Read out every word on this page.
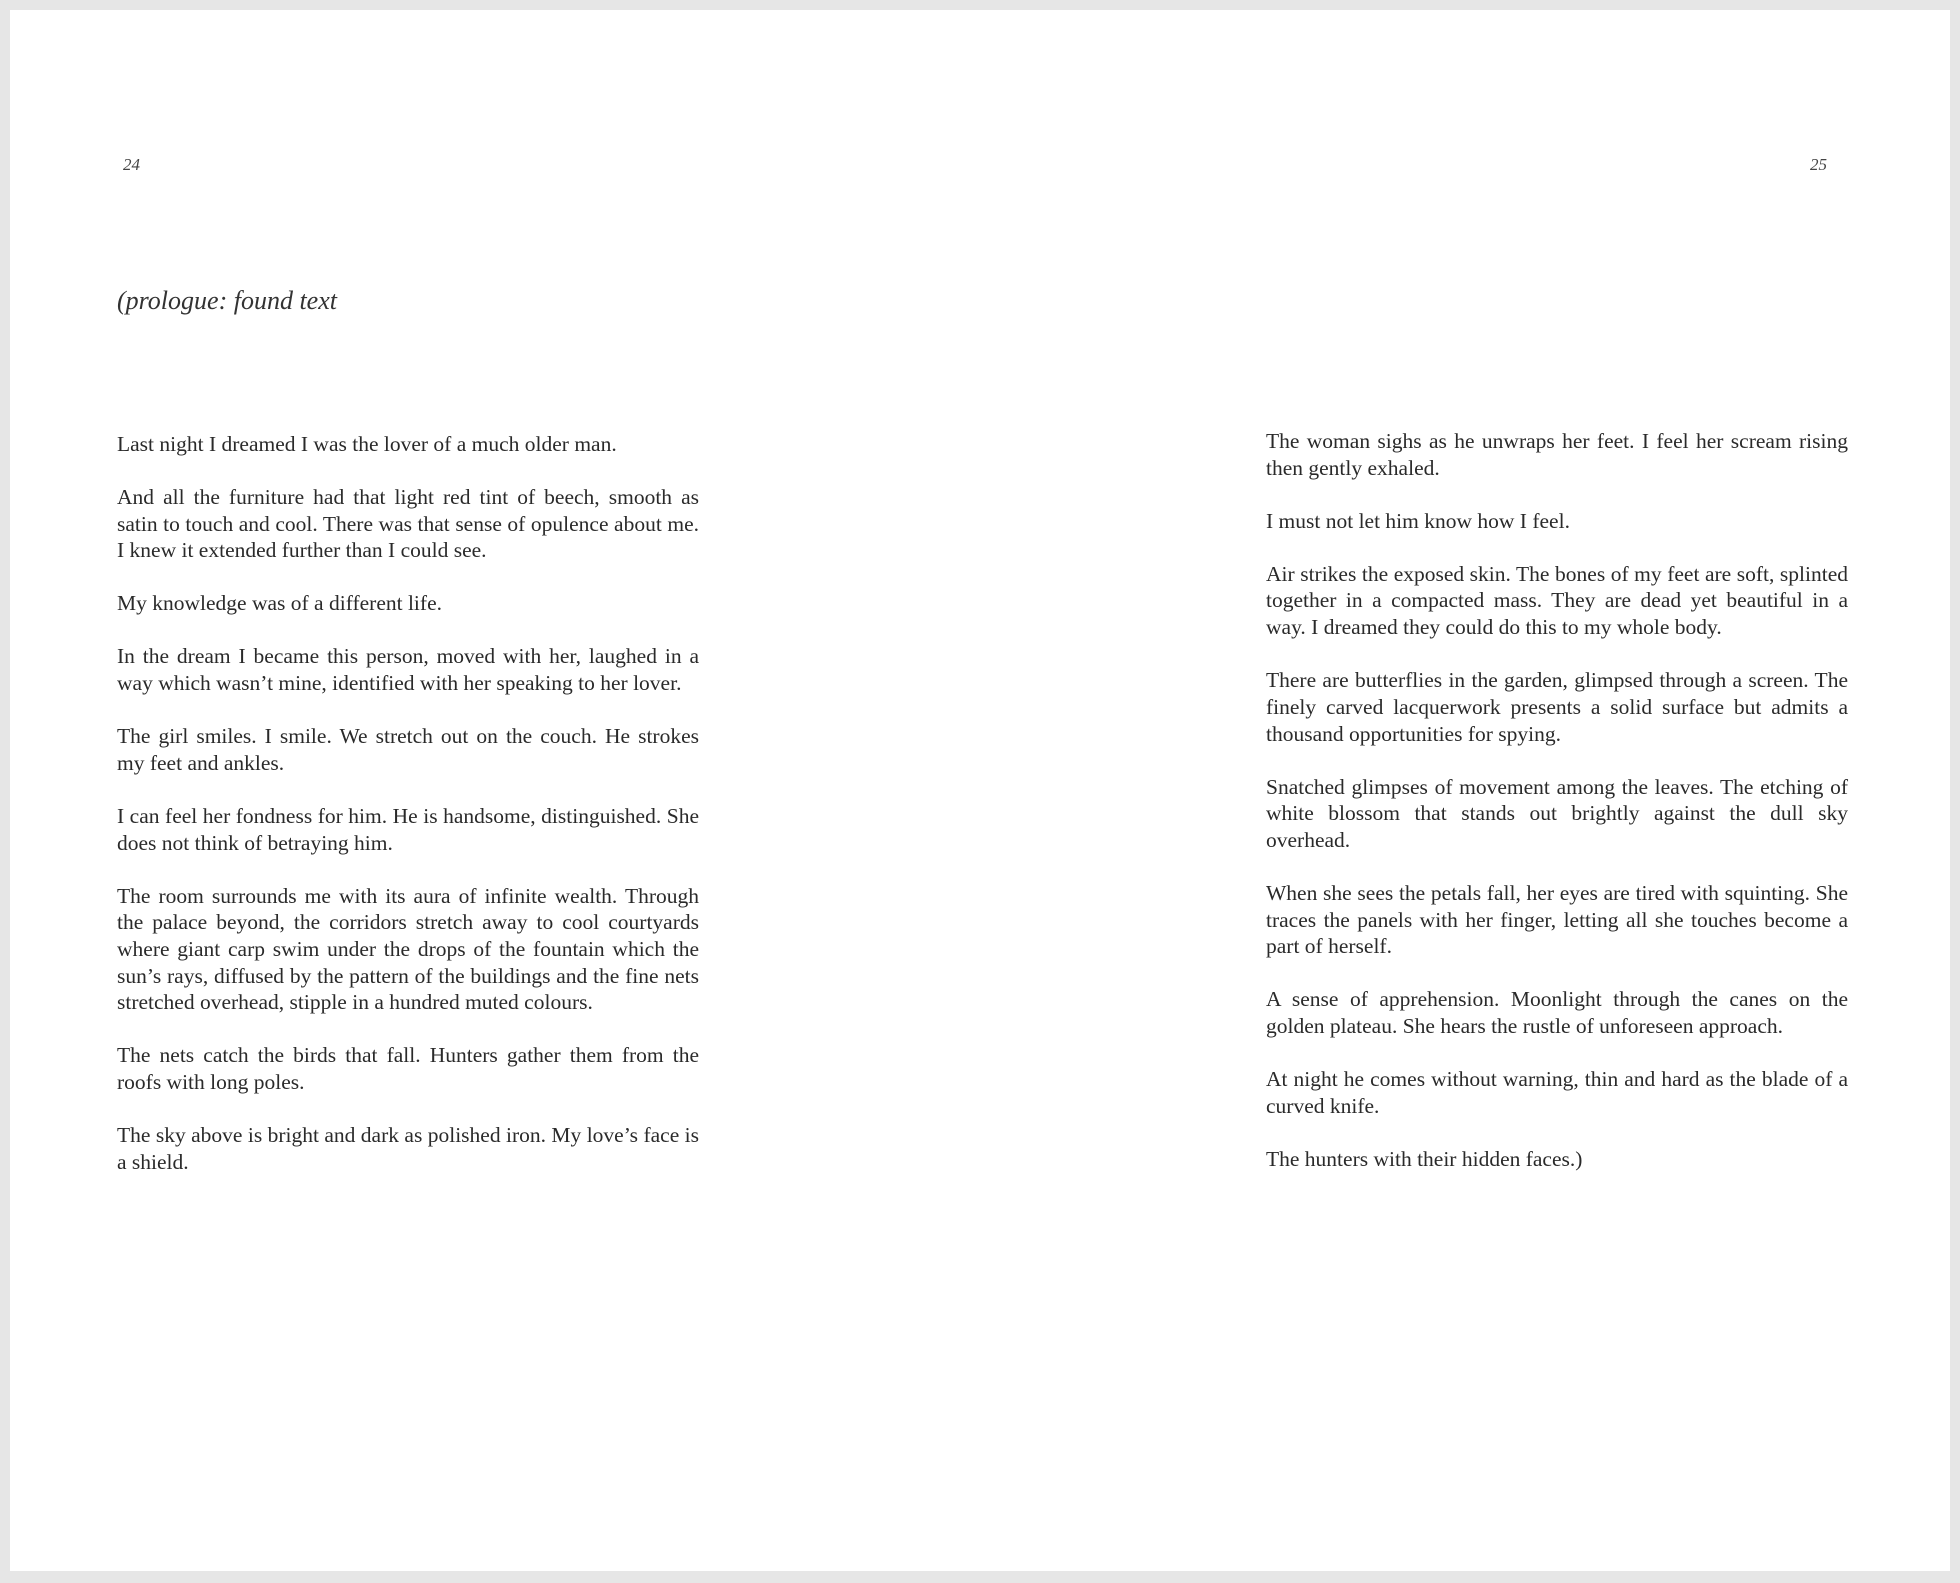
24	25
(prologue: found text

Last night I dreamed I was the lover of a much older man.

And all the furniture had that light red tint of beech, smooth as satin to touch and cool. There was that sense of opulence about me. I knew it extended further than I could see.

My knowledge was of a different life.

In the dream I became this person, moved with her, laughed in a way which wasn’t mine, identified with her speaking to her lover.

The girl smiles. I smile. We stretch out on the couch. He strokes my feet and ankles.

I can feel her fondness for him. He is handsome, distinguished. She does not think of betraying him.

The room surrounds me with its aura of infinite wealth. Through the palace beyond, the corridors stretch away to cool courtyards where giant carp swim under the drops of the fountain which the sun’s rays, diffused by the pattern of the buildings and the fine nets stretched overhead, stipple in a hundred muted colours.

The nets catch the birds that fall. Hunters gather them from the roofs with long poles.

The sky above is bright and dark as polished iron. My love’s face is a shield.

The woman sighs as he unwraps her feet. I feel her scream rising then gently exhaled.

I must not let him know how I feel.

Air strikes the exposed skin. The bones of my feet are soft, splinted together in a compacted mass. They are dead yet beautiful in a way. I dreamed they could do this to my whole body.

There are butterflies in the garden, glimpsed through a screen. The finely carved lacquerwork presents a solid surface but admits a thousand opportunities for spying.

Snatched glimpses of movement among the leaves. The etching of white blossom that stands out brightly against the dull sky overhead.

When she sees the petals fall, her eyes are tired with squinting. She traces the panels with her finger, letting all she touches become a part of herself.

A sense of apprehension. Moonlight through the canes on the golden plateau. She hears the rustle of unforeseen approach.

At night he comes without warning, thin and hard as the blade of a curved knife.

The hunters with their hidden faces.)
